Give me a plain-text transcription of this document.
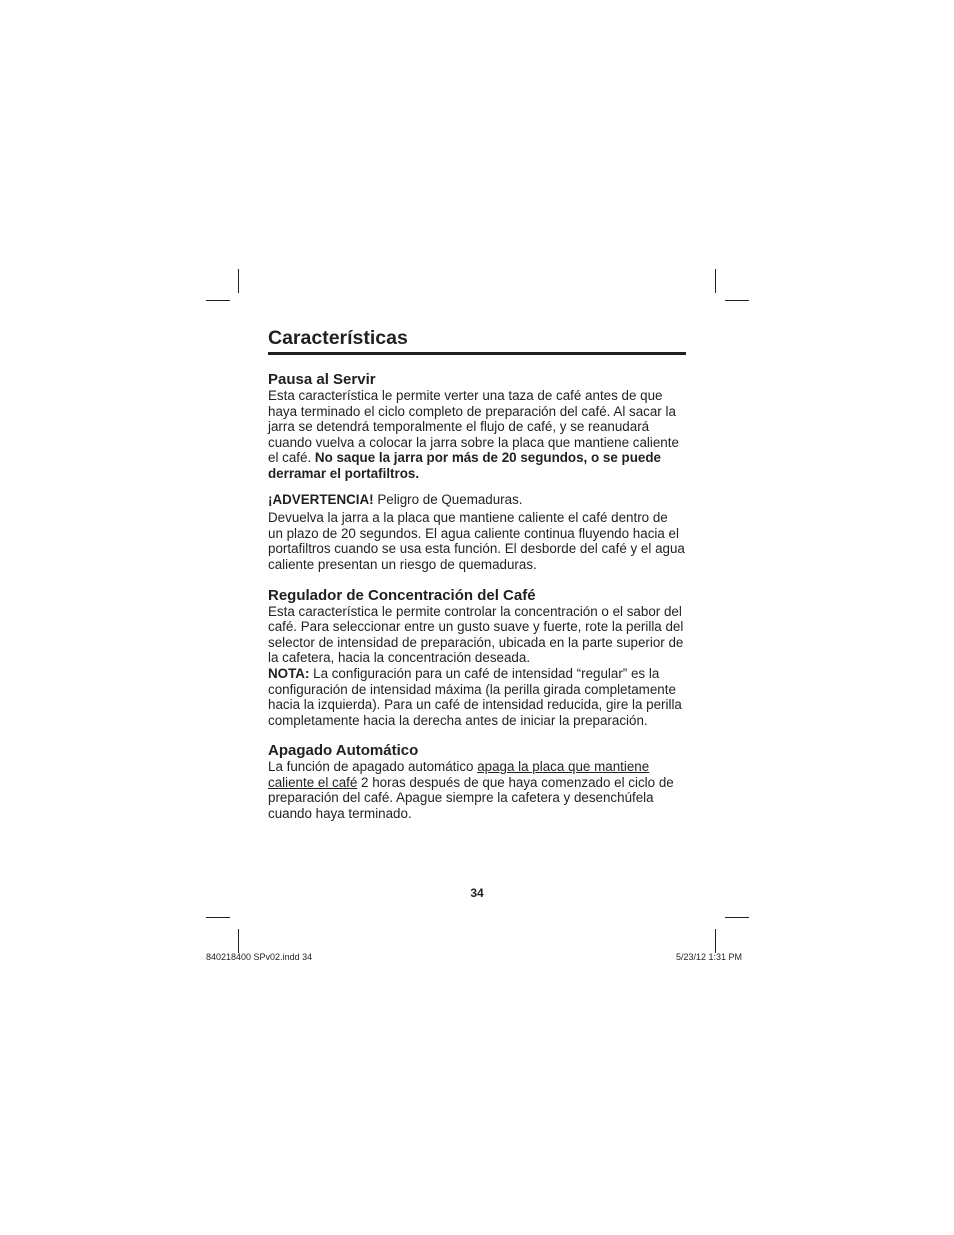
Características
Pausa al Servir

Esta característica le permite verter una taza de café antes de que haya terminado el ciclo completo de preparación del café. Al sacar la jarra se detendrá temporalmente el flujo de café, y se reanudará cuando vuelva a colocar la jarra sobre la placa que mantiene caliente el café. No saque la jarra por más de 20 segundos, o se puede derramar el portafiltros.

¡ADVERTENCIA! Peligro de Quemaduras.

Devuelva la jarra a la placa que mantiene caliente el café dentro de un plazo de 20 segundos. El agua caliente continua fluyendo hacia el portafiltros cuando se usa esta función. El desborde del café y el agua caliente presentan un riesgo de quemaduras.

Regulador de Concentración del Café

Esta característica le permite controlar la concentración o el sabor del café. Para seleccionar entre un gusto suave y fuerte, rote la perilla del selector de intensidad de preparación, ubicada en la parte superior de la cafetera, hacia la concentración deseada.

NOTA: La configuración para un café de intensidad “regular” es la configuración de intensidad máxima (la perilla girada completamente hacia la izquierda). Para un café de intensidad reducida, gire la perilla completamente hacia la derecha antes de iniciar la preparación.

Apagado Automático

La función de apagado automático apaga la placa que mantiene caliente el café 2 horas después de que haya comenzado el ciclo de preparación del café. Apague siempre la cafetera y desenchúfela cuando haya terminado.

34
840218400 SPv02.indd 34	5/23/12 1:31 PM
